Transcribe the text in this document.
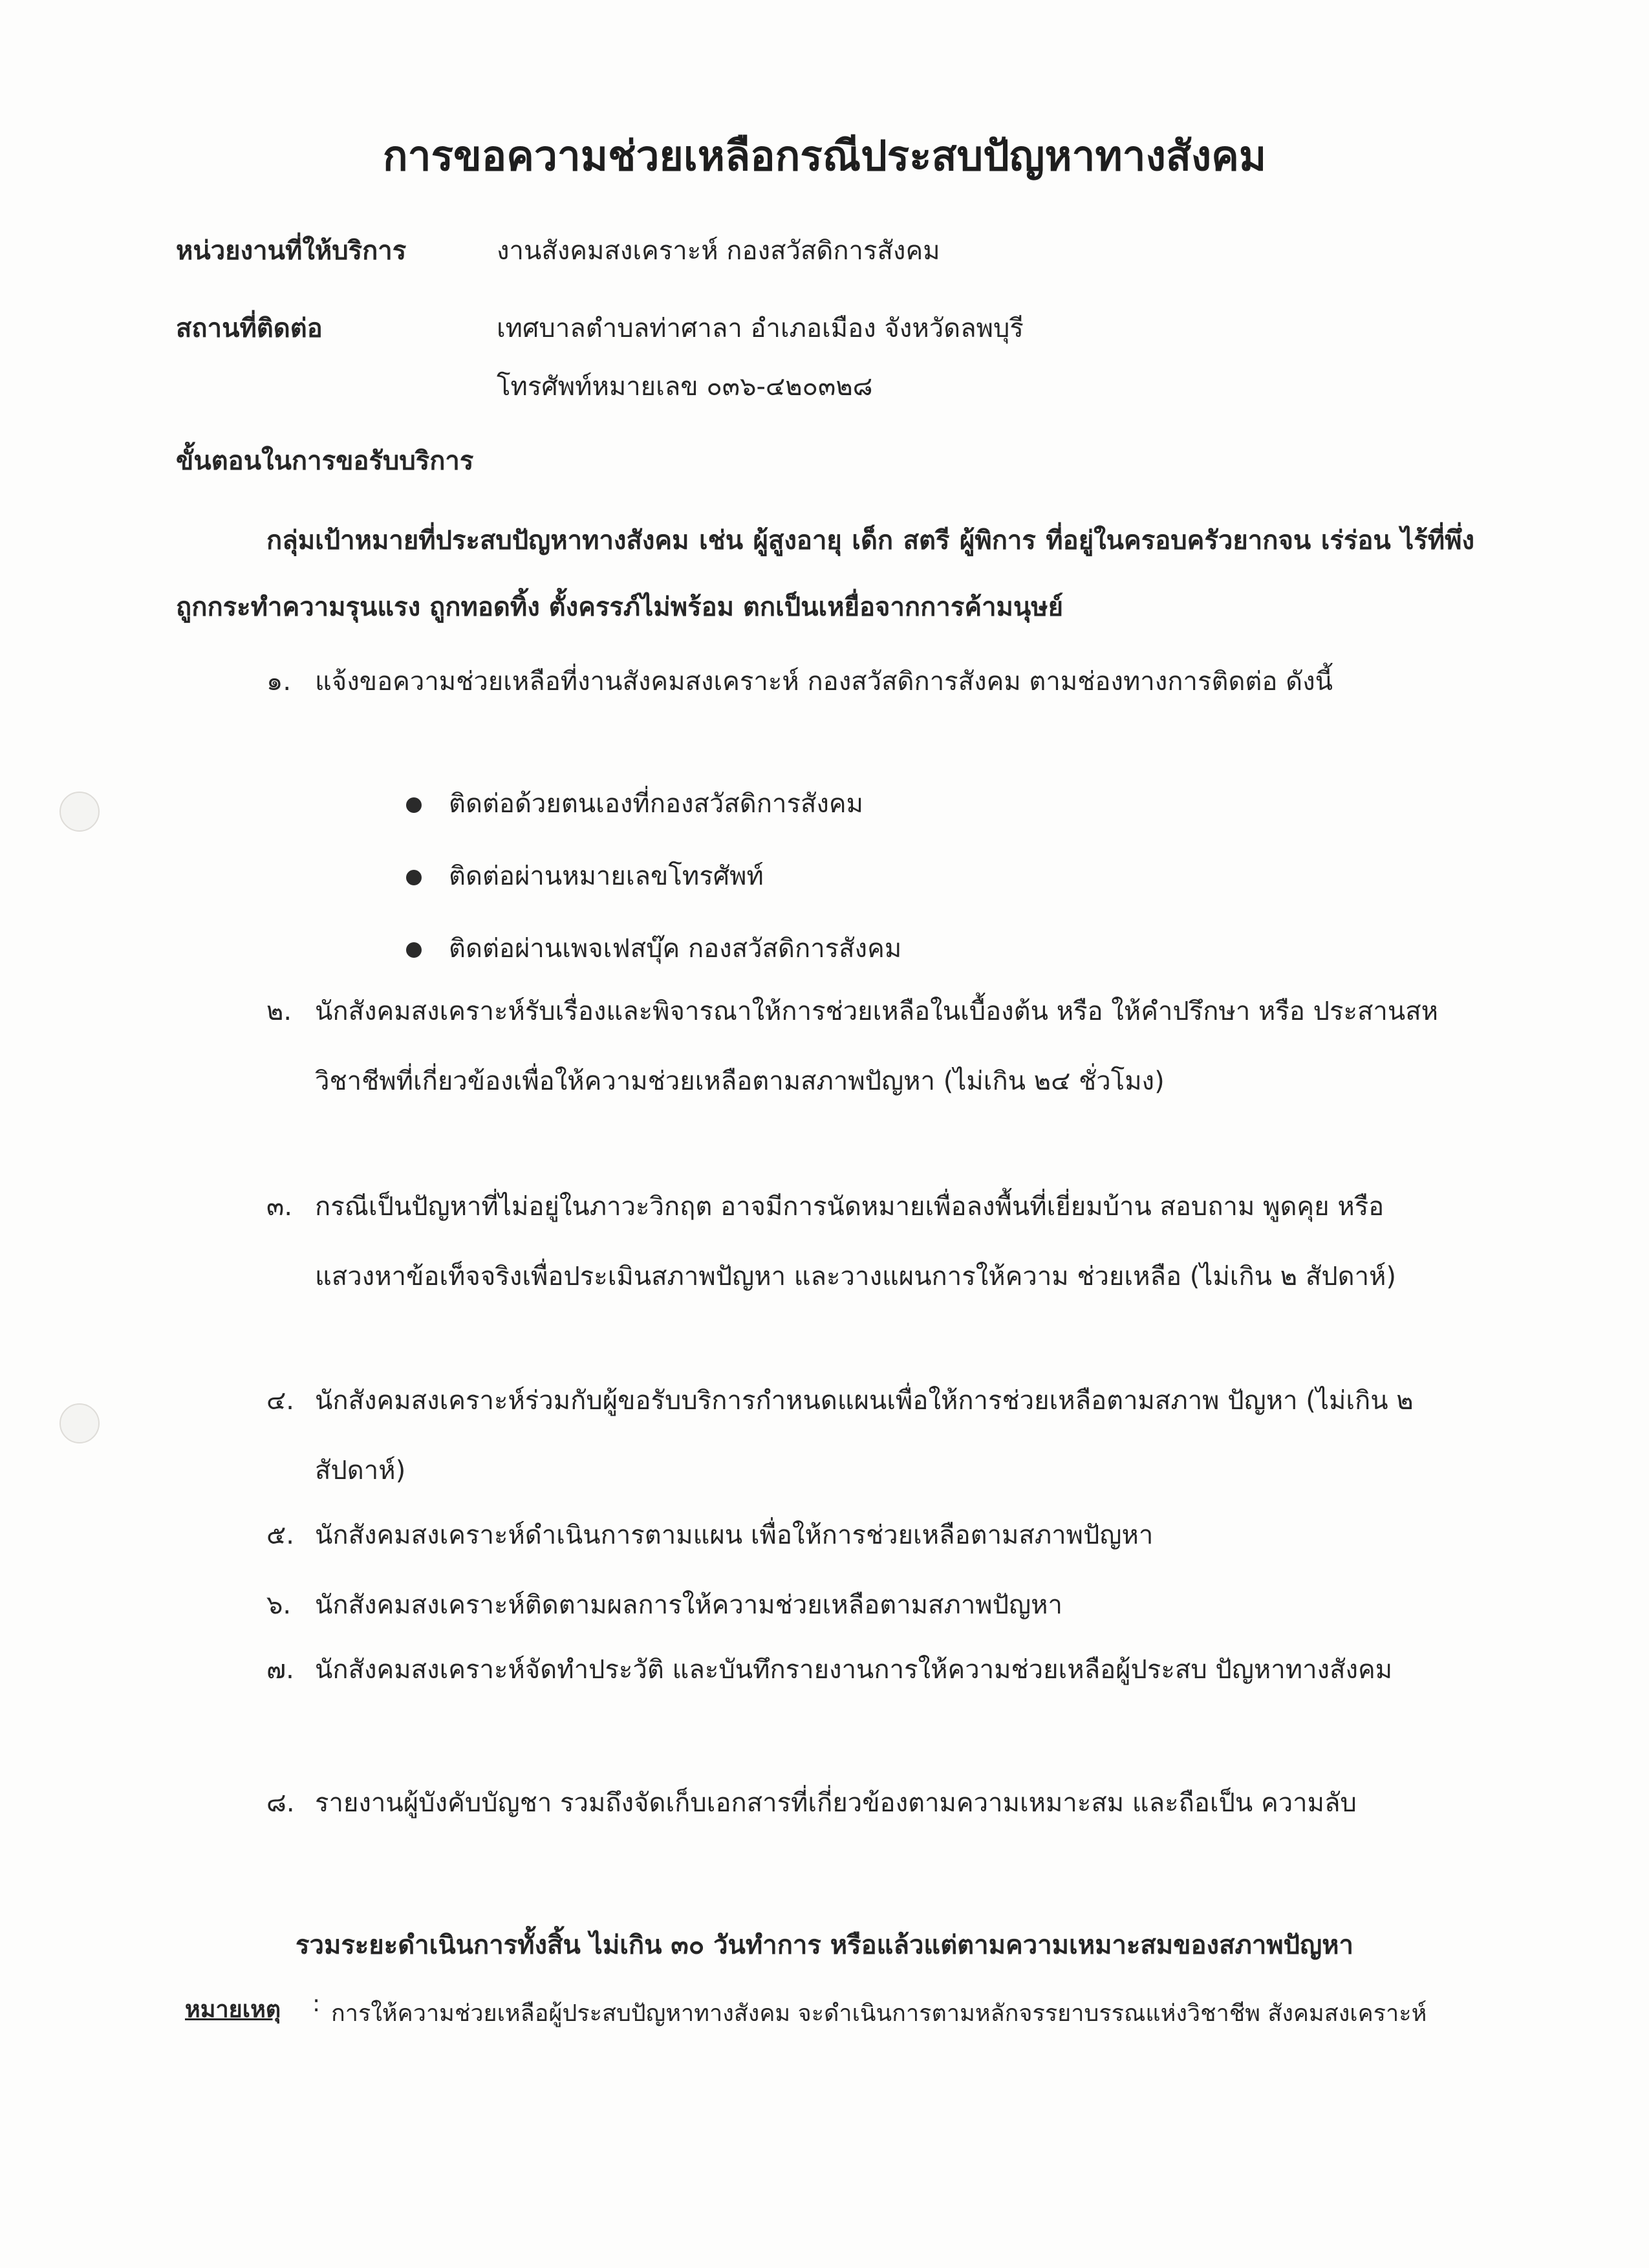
การขอความช่วยเหลือกรณีประสบปัญหาทางสังคม
หน่วยงานที่ให้บริการ	งานสังคมสงเคราะห์ กองสวัสดิการสังคม
สถานที่ติดต่อ	เทศบาลตำบลท่าศาลา อำเภอเมือง จังหวัดลพบุรี
โทรศัพท์หมายเลข ๐๓๖-๔๒๐๓๒๘
ขั้นตอนในการขอรับบริการ
กลุ่มเป้าหมายที่ประสบปัญหาทางสังคม เช่น ผู้สูงอายุ เด็ก สตรี ผู้พิการ ที่อยู่ในครอบครัวยากจน เร่ร่อน ไร้ที่พึ่ง ถูกกระทำความรุนแรง ถูกทอดทิ้ง ตั้งครรภ์ไม่พร้อม ตกเป็นเหยื่อจากการค้ามนุษย์
๑. แจ้งขอความช่วยเหลือที่งานสังคมสงเคราะห์ กองสวัสดิการสังคม ตามช่องทางการติดต่อ ดังนี้
ติดต่อด้วยตนเองที่กองสวัสดิการสังคม
ติดต่อผ่านหมายเลขโทรศัพท์
ติดต่อผ่านเพจเฟสบุ๊ค กองสวัสดิการสังคม
๒. นักสังคมสงเคราะห์รับเรื่องและพิจารณาให้การช่วยเหลือในเบื้องต้น หรือ ให้คำปรึกษา หรือ ประสานสหวิชาชีพที่เกี่ยวข้องเพื่อให้ความช่วยเหลือตามสภาพปัญหา (ไม่เกิน ๒๔ ชั่วโมง)
๓. กรณีเป็นปัญหาที่ไม่อยู่ในภาวะวิกฤต อาจมีการนัดหมายเพื่อลงพื้นที่เยี่ยมบ้าน สอบถาม พูดคุย หรือแสวงหาข้อเท็จจริงเพื่อประเมินสภาพปัญหา และวางแผนการให้ความ ช่วยเหลือ (ไม่เกิน ๒ สัปดาห์)
๔. นักสังคมสงเคราะห์ร่วมกับผู้ขอรับบริการกำหนดแผนเพื่อให้การช่วยเหลือตามสภาพ ปัญหา (ไม่เกิน ๒ สัปดาห์)
๕. นักสังคมสงเคราะห์ดำเนินการตามแผน เพื่อให้การช่วยเหลือตามสภาพปัญหา
๖. นักสังคมสงเคราะห์ติดตามผลการให้ความช่วยเหลือตามสภาพปัญหา
๗. นักสังคมสงเคราะห์จัดทำประวัติ และบันทึกรายงานการให้ความช่วยเหลือผู้ประสบ ปัญหาทางสังคม
๘. รายงานผู้บังคับบัญชา รวมถึงจัดเก็บเอกสารที่เกี่ยวข้องตามความเหมาะสม และถือเป็น ความลับ
รวมระยะดำเนินการทั้งสิ้น ไม่เกิน ๓๐ วันทำการ หรือแล้วแต่ตามความเหมาะสมของสภาพปัญหา
หมายเหตุ : การให้ความช่วยเหลือผู้ประสบปัญหาทางสังคม จะดำเนินการตามหลักจรรยาบรรณแห่งวิชาชีพ สังคมสงเคราะห์
